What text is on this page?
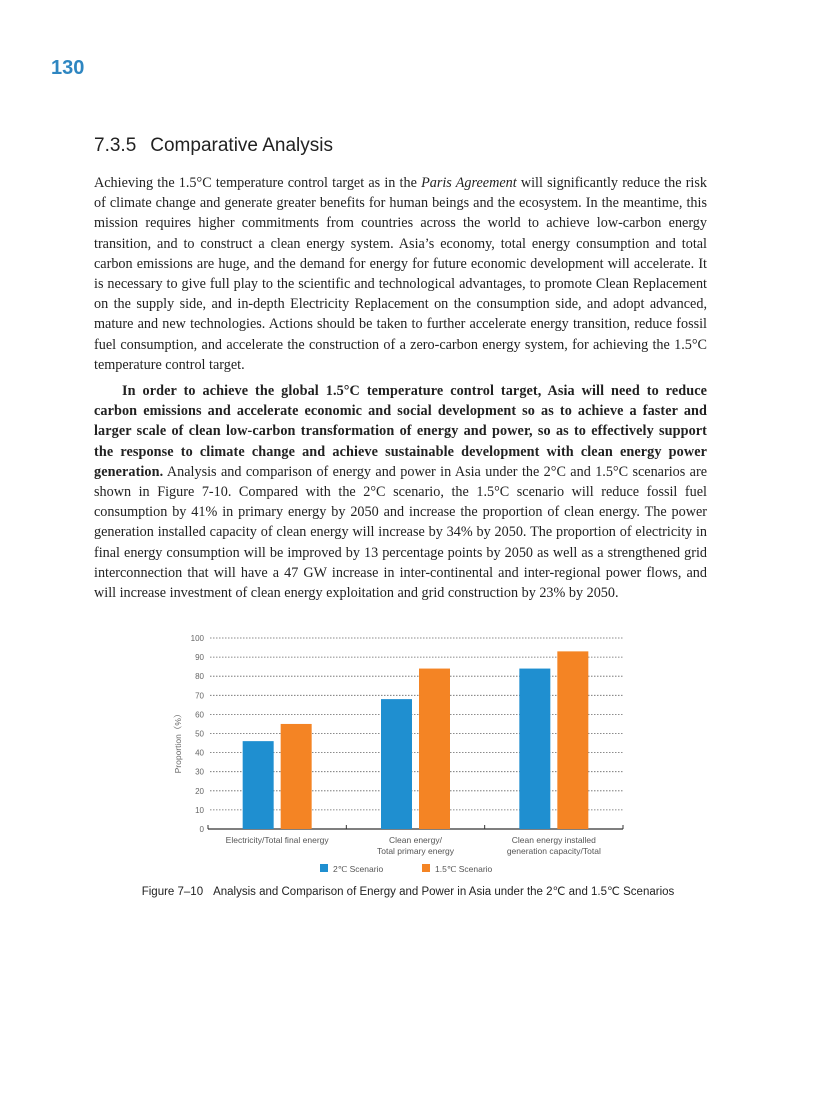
130
7.3.5 Comparative Analysis

Achieving the 1.5°C temperature control target as in the Paris Agreement will significantly reduce the risk of climate change and generate greater benefits for human beings and the ecosystem. In the meantime, this mission requires higher commitments from countries across the world to achieve low-carbon energy transition, and to construct a clean energy system. Asia’s economy, total energy consumption and total carbon emissions are huge, and the demand for energy for future economic development will accelerate. It is necessary to give full play to the scientific and technological advantages, to promote Clean Replacement on the supply side, and in-depth Electricity Replacement on the consumption side, and adopt advanced, mature and new technologies. Actions should be taken to further accelerate energy transition, reduce fossil fuel consumption, and accelerate the construction of a zero-carbon energy system, for achieving the 1.5°C temperature control target.

In order to achieve the global 1.5°C temperature control target, Asia will need to reduce carbon emissions and accelerate economic and social development so as to achieve a faster and larger scale of clean low-carbon transformation of energy and power, so as to effectively support the response to climate change and achieve sustainable development with clean energy power generation. Analysis and comparison of energy and power in Asia under the 2°C and 1.5°C scenarios are shown in Figure 7-10. Compared with the 2°C scenario, the 1.5°C scenario will reduce fossil fuel consumption by 41% in primary energy by 2050 and increase the proportion of clean energy. The power generation installed capacity of clean energy will increase by 34% by 2050. The proportion of electricity in final energy consumption will be improved by 13 percentage points by 2050 as well as a strengthened grid interconnection that will have a 47 GW increase in inter-continental and inter-regional power flows, and will increase investment of clean energy exploitation and grid construction by 23% by 2050.

0
10
20
30
40
50
60
70
80
90
100
Proportion（%）
Electricity/Total final energy	Clean energy/
Total primary energy
Clean energy installed
generation capacity/Total
2℃ Scenario	1.5℃ Scenario
Figure 7–10 Analysis and Comparison of Energy and Power in Asia under the 2℃ and 1.5℃ Scenarios
